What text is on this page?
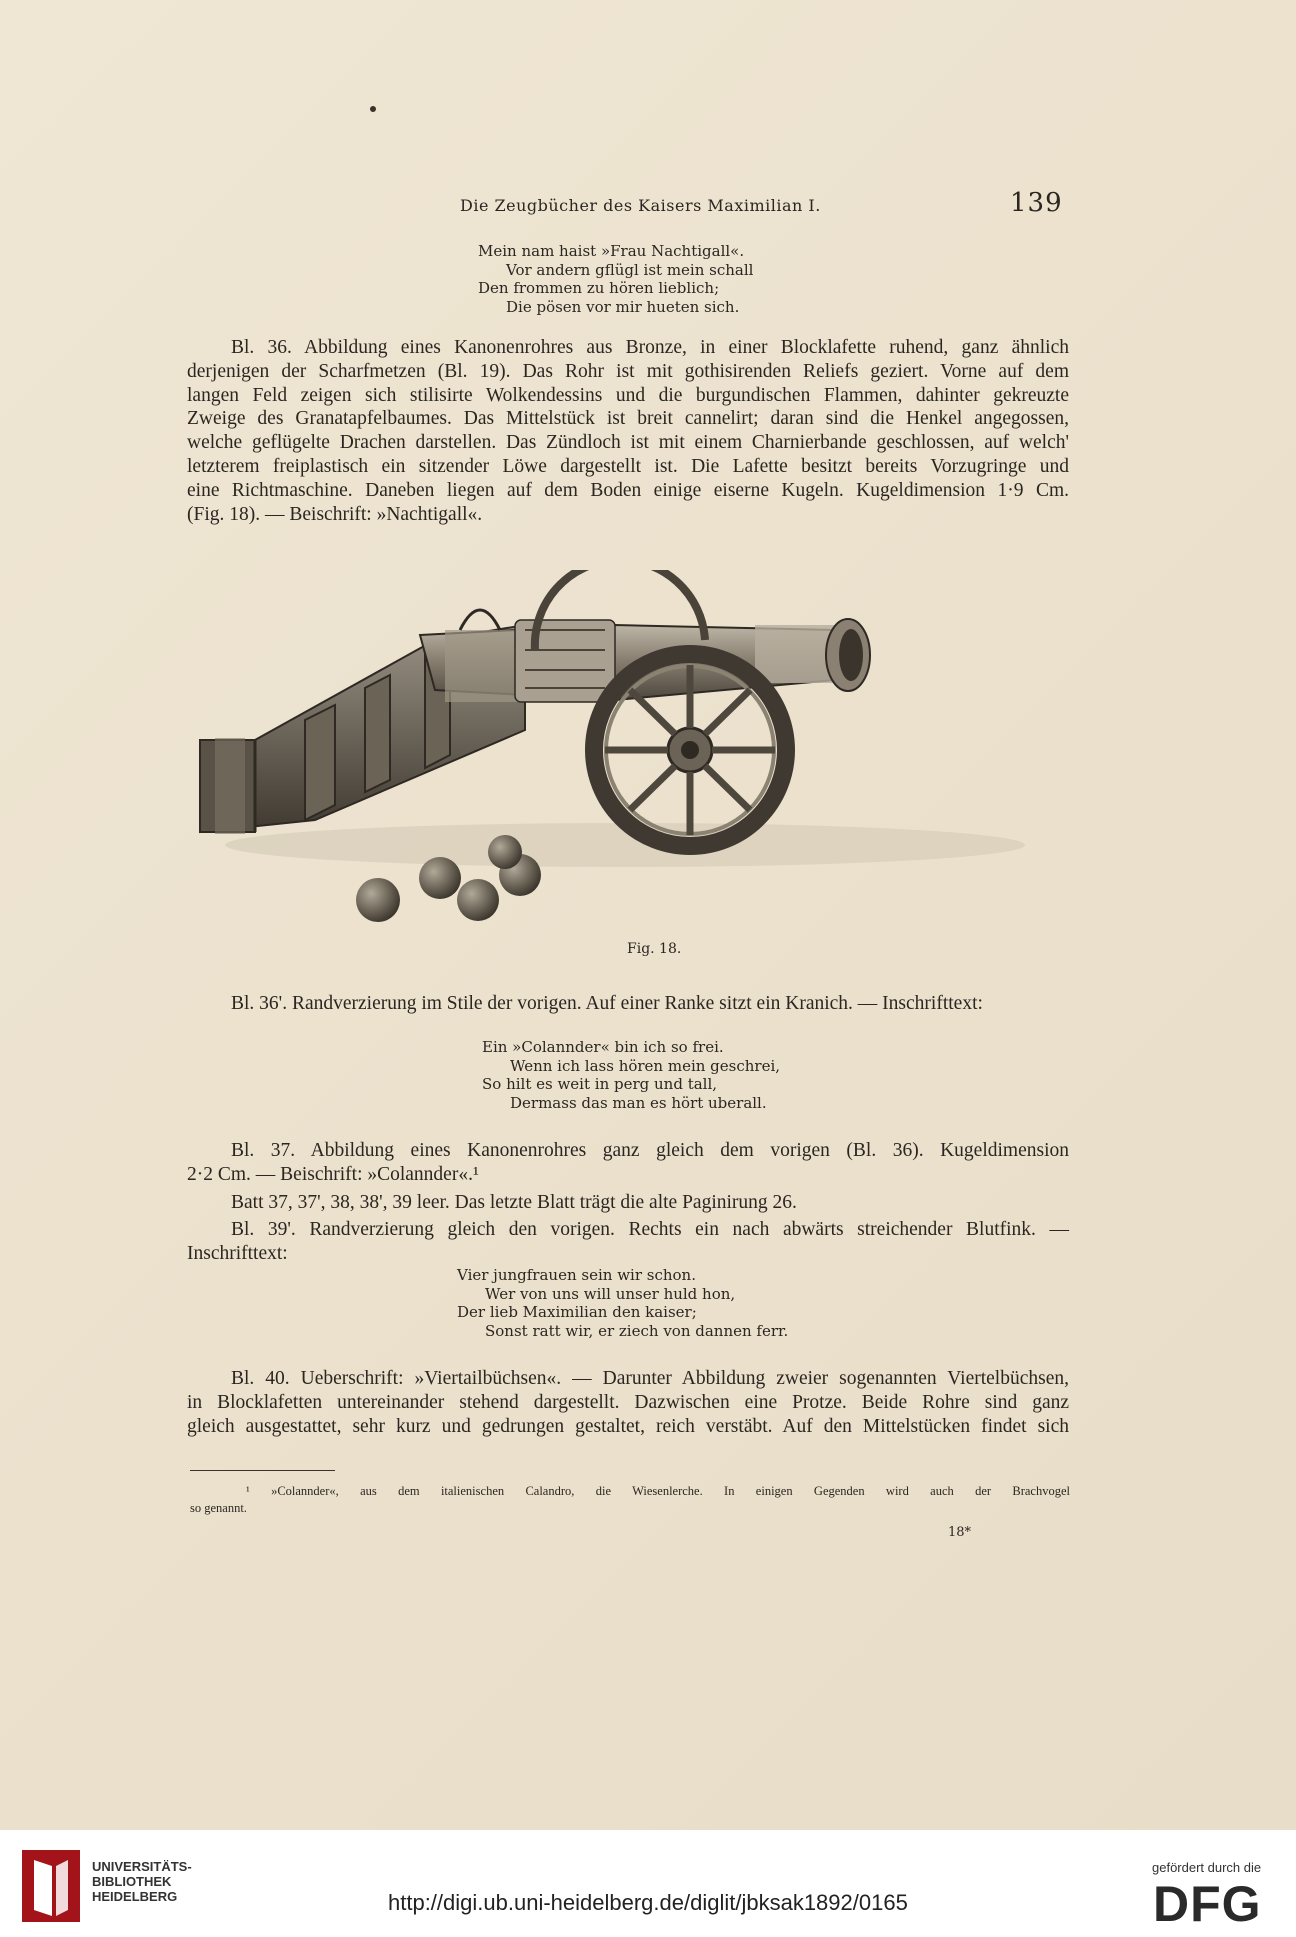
Die Zeugbücher des Kaisers Maximilian I.	139
Mein nam haist »Frau Nachtigall«.
Vor andern gflügl ist mein schall
Den frommen zu hören lieblich;
Die pösen vor mir hueten sich.
Bl. 36. Abbildung eines Kanonenrohres aus Bronze, in einer Blocklafette ruhend, ganz ähnlich
derjenigen der Scharfmetzen (Bl. 19). Das Rohr ist mit gothisirenden Reliefs geziert. Vorne auf dem
langen Feld zeigen sich stilisirte Wolkendessins und die burgundischen Flammen, dahinter gekreuzte
Zweige des Granatapfelbaumes. Das Mittelstück ist breit cannelirt; daran sind die Henkel angegossen,
welche geflügelte Drachen darstellen. Das Zündloch ist mit einem Charnierbande geschlossen, auf welch'
letzterem freiplastisch ein sitzender Löwe dargestellt ist. Die Lafette besitzt bereits Vorzugringe und
eine Richtmaschine. Daneben liegen auf dem Boden einige eiserne Kugeln. Kugeldimension 1·9 Cm.
(Fig. 18). — Beischrift: »Nachtigall«.
Fig. 18.
Bl. 36'. Randverzierung im Stile der vorigen. Auf einer Ranke sitzt ein Kranich. — Inschrifttext:
Ein »Colannder« bin ich so frei.
Wenn ich lass hören mein geschrei,
So hilt es weit in perg und tall,
Dermass das man es hört uberall.
Bl. 37. Abbildung eines Kanonenrohres ganz gleich dem vorigen (Bl. 36). Kugeldimension
2·2 Cm. — Beischrift: »Colannder«.¹
Batt 37, 37', 38, 38', 39 leer. Das letzte Blatt trägt die alte Paginirung 26.
Bl. 39'. Randverzierung gleich den vorigen. Rechts ein nach abwärts streichender Blutfink. —
Inschrifttext:
Vier jungfrauen sein wir schon.
Wer von uns will unser huld hon,
Der lieb Maximilian den kaiser;
Sonst ratt wir, er ziech von dannen ferr.
Bl. 40. Ueberschrift: »Viertailbüchsen«. — Darunter Abbildung zweier sogenannten Viertelbüchsen,
in Blocklafetten untereinander stehend dargestellt. Dazwischen eine Protze. Beide Rohre sind ganz
gleich ausgestattet, sehr kurz und gedrungen gestaltet, reich verstäbt. Auf den Mittelstücken findet sich
¹ »Colannder«, aus dem italienischen Calandro, die Wiesenlerche. In einigen Gegenden wird auch der Brachvogel
so genannt.
18*
UNIVERSITÄTS-
BIBLIOTHEK
HEIDELBERG	http://digi.ub.uni-heidelberg.de/diglit/jbksak1892/0165
gefördert durch die
DFG
